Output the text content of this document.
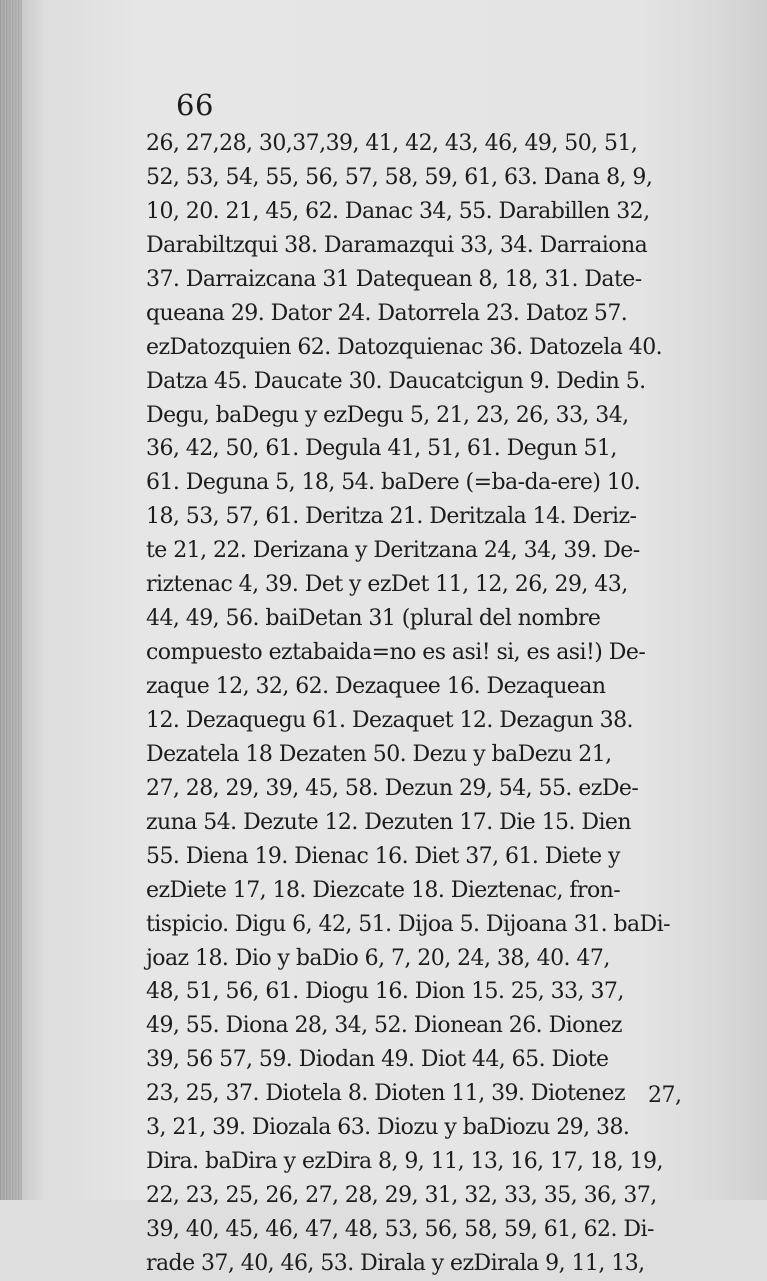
66
26, 27,28, 30,37,39, 41, 42, 43, 46, 49, 50, 51,
52, 53, 54, 55, 56, 57, 58, 59, 61, 63. Dana 8, 9,
10, 20. 21, 45, 62. Danac 34, 55. Darabillen 32,
Darabiltzqui 38. Daramazqui 33, 34. Darraiona
37. Darraizcana 31 Datequean 8, 18, 31. Date-
queana 29. Dator 24. Datorrela 23. Datoz 57.
ezDatozquien 62. Datozquienac 36. Datozela 40.
Datza 45. Daucate 30. Daucatcigun 9. Dedin 5.
Degu, baDegu y ezDegu 5, 21, 23, 26, 33, 34,
36, 42, 50, 61. Degula 41, 51, 61. Degun 51,
61. Deguna 5, 18, 54. baDere (=ba-da-ere) 10.
18, 53, 57, 61. Deritza 21. Deritzala 14. Deriz-
te 21, 22. Derizana y Deritzana 24, 34, 39. De-
riztenac 4, 39. Det y ezDet 11, 12, 26, 29, 43,
44, 49, 56. baiDetan 31 (plural del nombre
compuesto eztabaida=no es asi! si, es asi!) De-
zaque 12, 32, 62. Dezaquee 16. Dezaquean
12. Dezaquegu 61. Dezaquet 12. Dezagun 38.
Dezatela 18 Dezaten 50. Dezu y baDezu 21,
27, 28, 29, 39, 45, 58. Dezun 29, 54, 55. ezDe-
zuna 54. Dezute 12. Dezuten 17. Die 15. Dien
55. Diena 19. Dienac 16. Diet 37, 61. Diete y
ezDiete 17, 18. Diezcate 18. Dieztenac, fron-
tispicio. Digu 6, 42, 51. Dijoa 5. Dijoana 31. baDi-
joaz 18. Dio y baDio 6, 7, 20, 24, 38, 40. 47,
48, 51, 56, 61. Diogu 16. Dion 15. 25, 33, 37,
49, 55. Diona 28, 34, 52. Dionean 26. Dionez
39, 56 57, 59. Diodan 49. Diot 44, 65. Diote
23, 25, 37. Diotela 8. Dioten 11, 39. Diotenez
3, 21, 39. Diozala 63. Diozu y baDiozu 29, 38.
Dira. baDira y ezDira 8, 9, 11, 13, 16, 17, 18, 19,
22, 23, 25, 26, 27, 28, 29, 31, 32, 33, 35, 36, 37,
39, 40, 45, 46, 47, 48, 53, 56, 58, 59, 61, 62. Di-
rade 37, 40, 46, 53. Dirala y ezDirala 9, 11, 13,
27,
